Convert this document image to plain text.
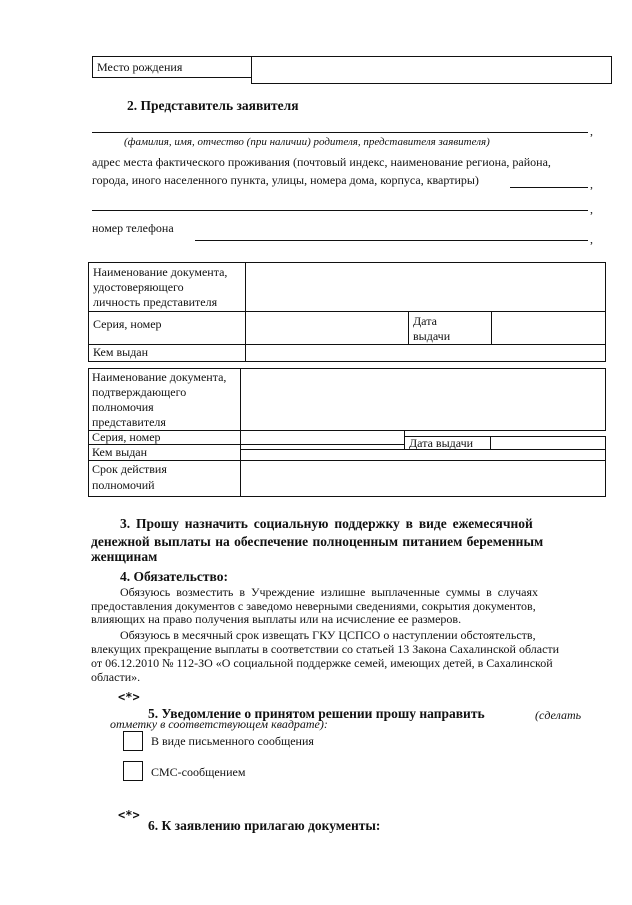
Место рождения
2. Представитель заявителя
,
(фамилия, имя, отчество (при наличии) родителя, представителя заявителя)
адрес места фактического проживания (почтовый индекс, наименование региона, района,
города, иного населенного пункта, улицы, номера дома, корпуса, квартиры)	,
,
номер телефона
,
Наименование документа,
удостоверяющего
личность представителя
Серия, номер	Дата
выдачи
Кем выдан
Наименование документа,
подтверждающего
полномочия
представителя
Серия, номер	Дата выдачи
Кем выдан
Срок действия
полномочий
3. Прошу назначить социальную поддержку в виде ежемесячной
денежной выплаты на обеспечение полноценным питанием беременным
женщинам
4. Обязательство:
Обязуюсь возместить в Учреждение излишне выплаченные суммы в случаях
предоставления документов с заведомо неверными сведениями, сокрытия документов,
влияющих на право получения выплаты или на исчисление ее размеров.
Обязуюсь в месячный срок извещать ГКУ ЦСПСО о наступлении обстоятельств,
влекущих прекращение выплаты в соответствии со статьей 13 Закона Сахалинской области
от 06.12.2010 № 112-ЗО «О социальной поддержке семей, имеющих детей, в Сахалинской
области».
<*>
5. Уведомление о принятом решении прошу направить	(сделать
отметку в соответствующем квадрате):
В виде письменного сообщения
СМС-сообщением
<*>
6. К заявлению прилагаю документы:
